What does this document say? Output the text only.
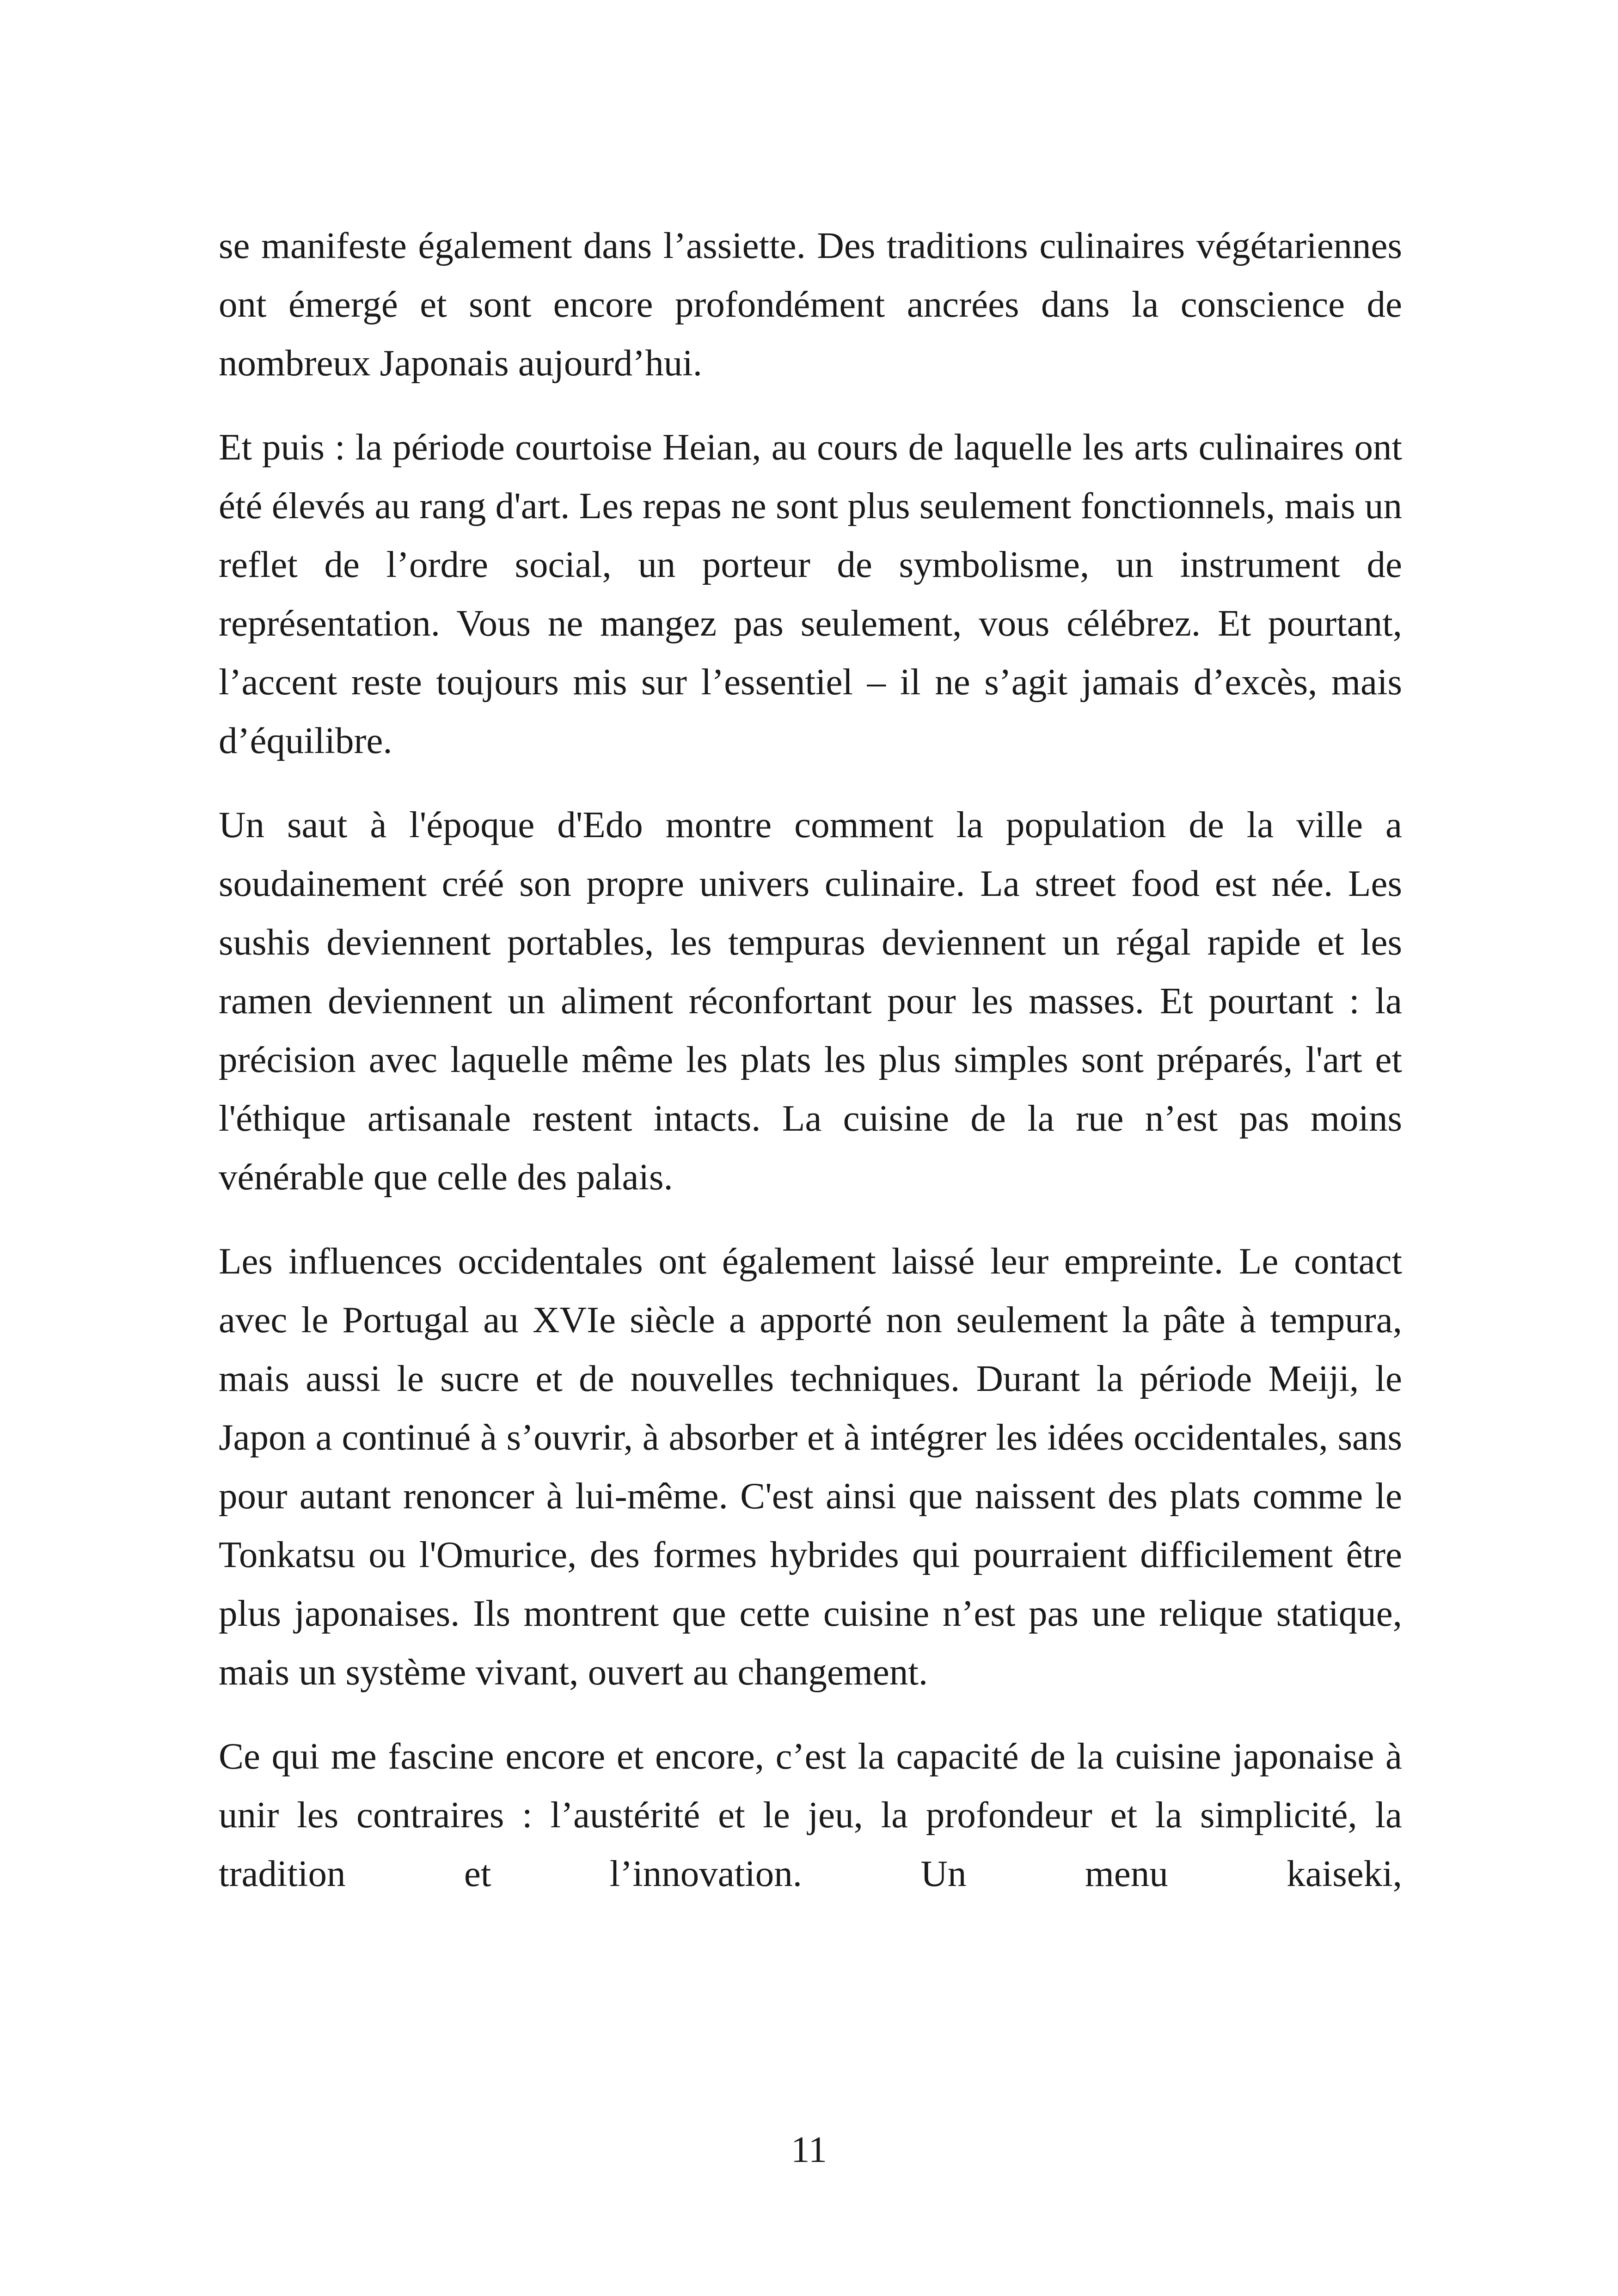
se manifeste également dans l’assiette. Des traditions culinaires végétariennes ont émergé et sont encore profondément ancrées dans la conscience de nombreux Japonais aujourd’hui.

Et puis : la période courtoise Heian, au cours de laquelle les arts culinaires ont été élevés au rang d'art. Les repas ne sont plus seulement fonctionnels, mais un reflet de l’ordre social, un porteur de symbolisme, un instrument de représentation. Vous ne mangez pas seulement, vous célébrez. Et pourtant, l’accent reste toujours mis sur l’essentiel – il ne s’agit jamais d’excès, mais d’équilibre.

Un saut à l'époque d'Edo montre comment la population de la ville a soudainement créé son propre univers culinaire. La street food est née. Les sushis deviennent portables, les tempuras deviennent un régal rapide et les ramen deviennent un aliment réconfortant pour les masses. Et pourtant : la précision avec laquelle même les plats les plus simples sont préparés, l'art et l'éthique artisanale restent intacts. La cuisine de la rue n’est pas moins vénérable que celle des palais.

Les influences occidentales ont également laissé leur empreinte. Le contact avec le Portugal au XVIe siècle a apporté non seulement la pâte à tempura, mais aussi le sucre et de nouvelles techniques. Durant la période Meiji, le Japon a continué à s’ouvrir, à absorber et à intégrer les idées occidentales, sans pour autant renoncer à lui-même. C'est ainsi que naissent des plats comme le Tonkatsu ou l'Omurice, des formes hybrides qui pourraient difficilement être plus japonaises. Ils montrent que cette cuisine n’est pas une relique statique, mais un système vivant, ouvert au changement.

Ce qui me fascine encore et encore, c’est la capacité de la cuisine japonaise à unir les contraires : l’austérité et le jeu, la profondeur et la simplicité, la tradition et l’innovation. Un menu kaiseki,

11
